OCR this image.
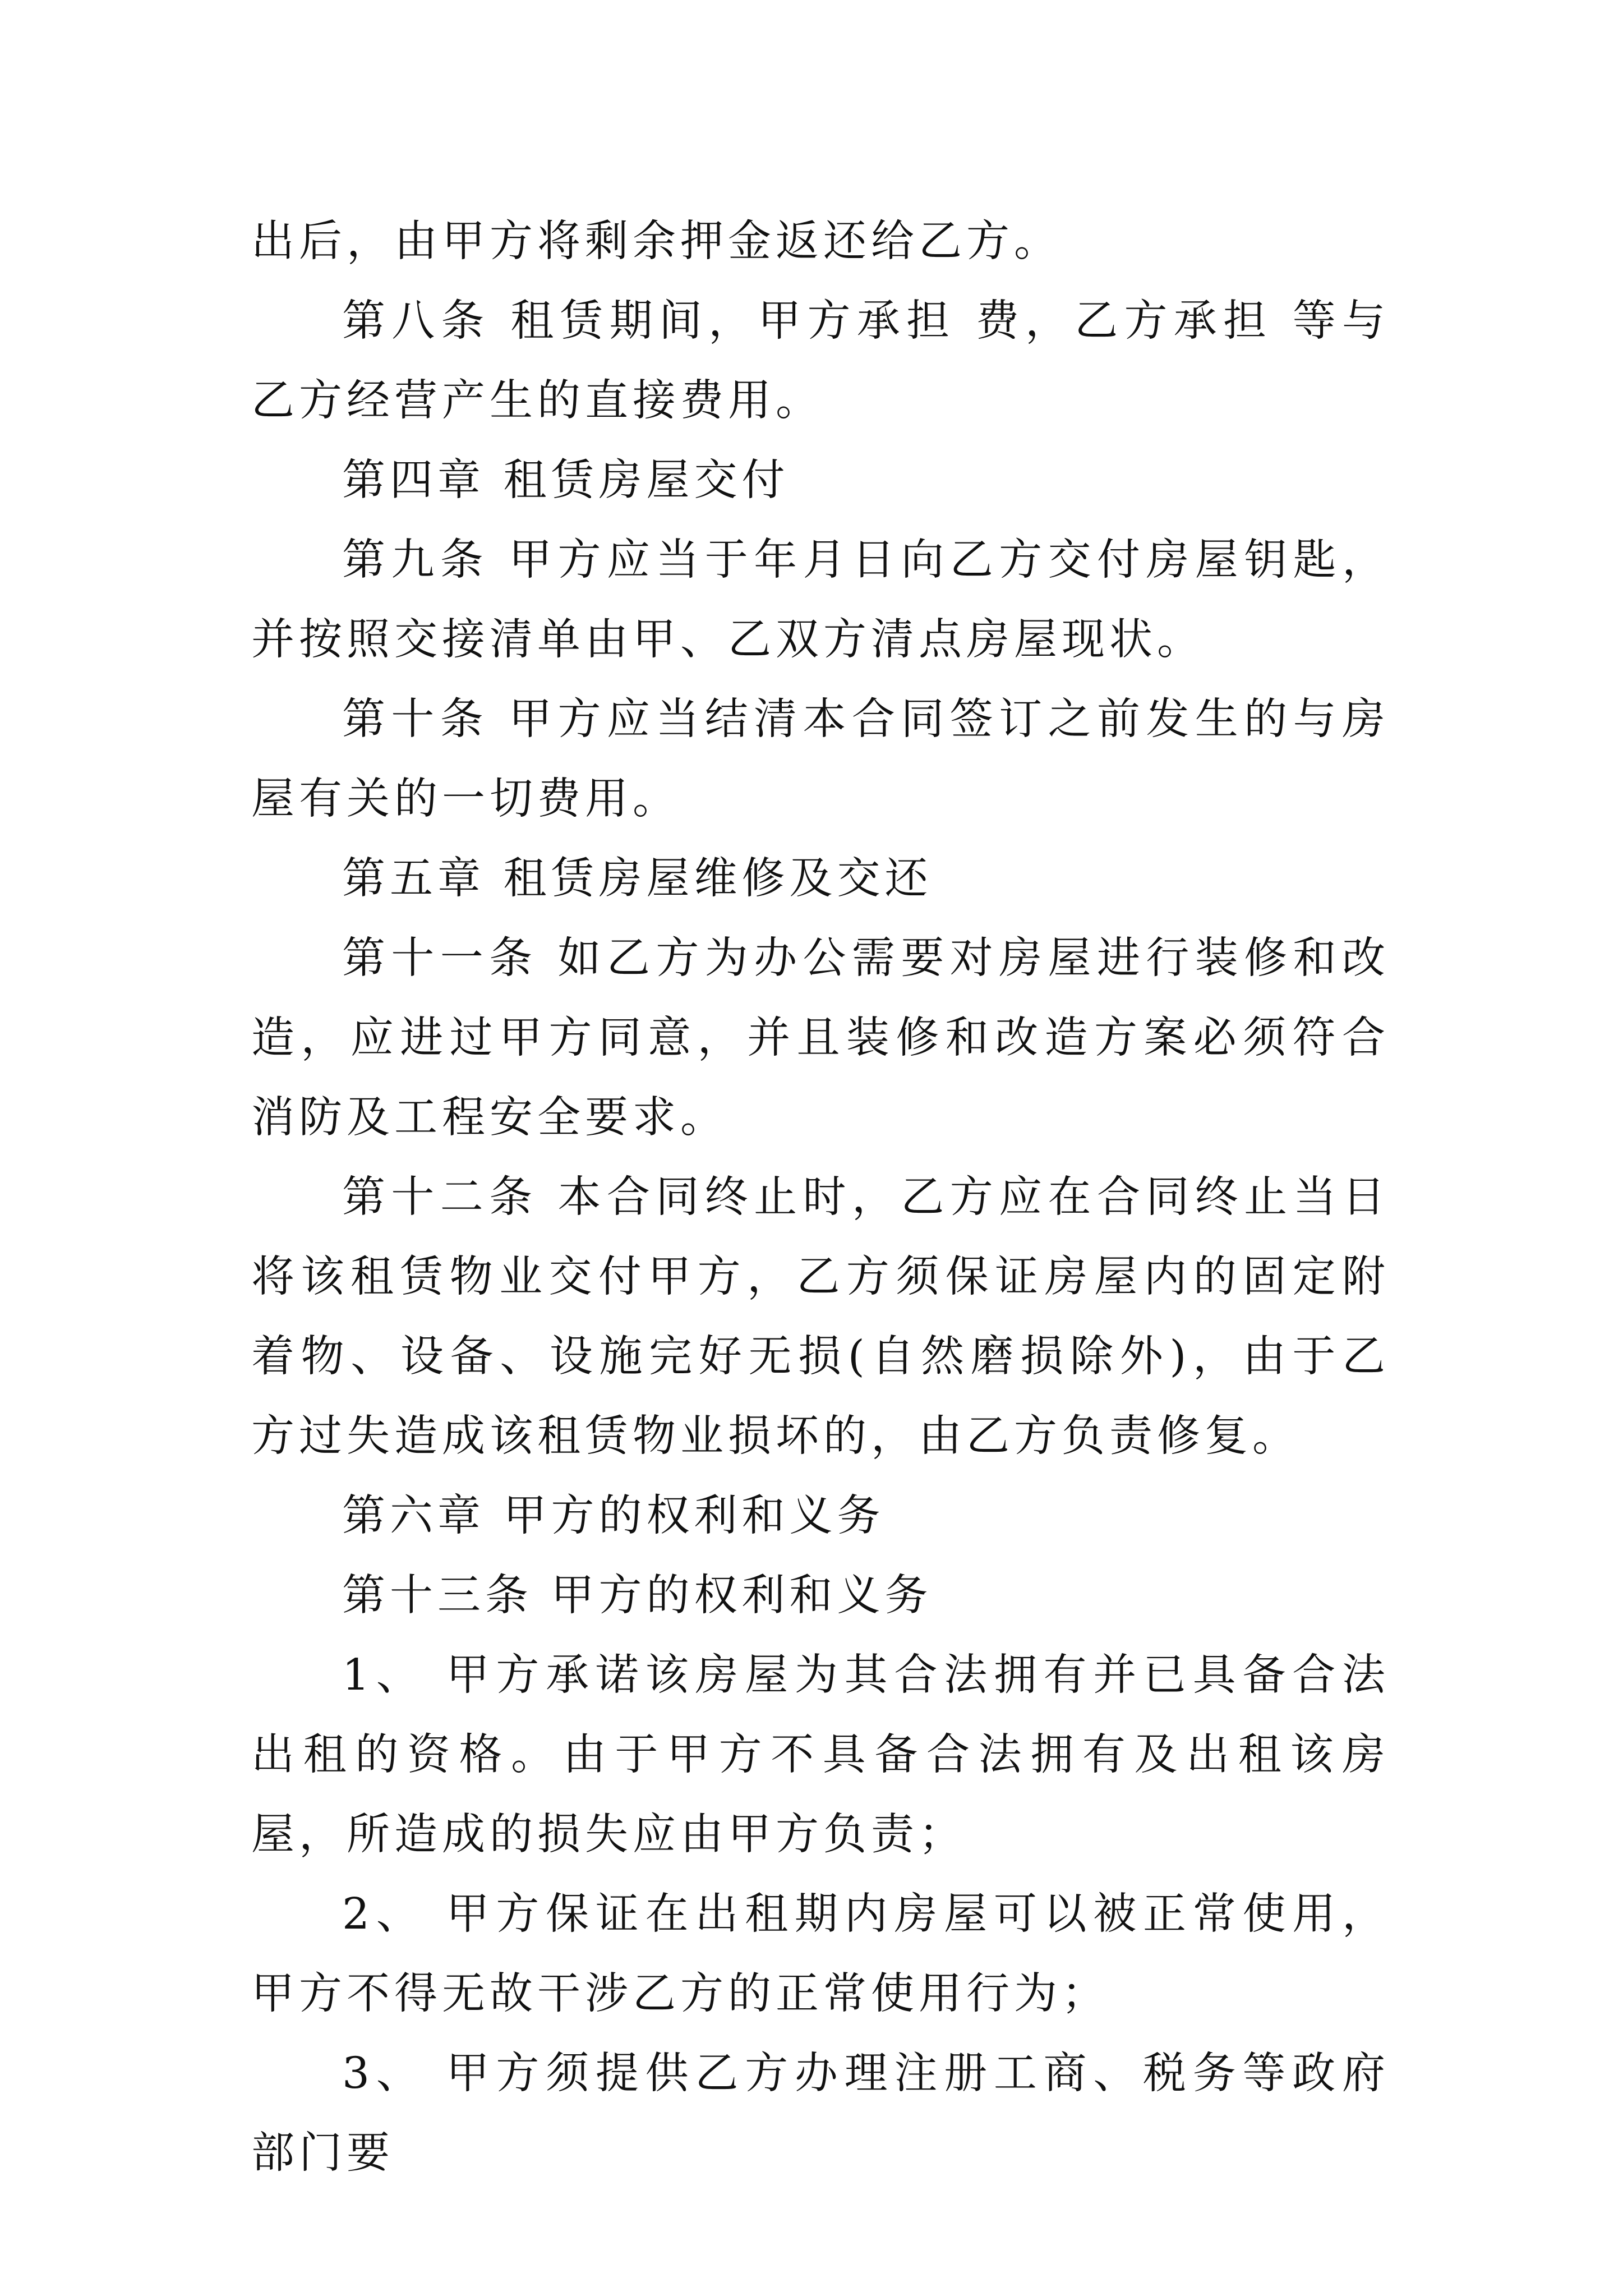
出后，由甲方将剩余押金返还给乙方。

第八条 租赁期间，甲方承担 费，乙方承担 等与乙方经营产生的直接费用。

第四章 租赁房屋交付

第九条 甲方应当于年月日向乙方交付房屋钥匙，并按照交接清单由甲、乙双方清点房屋现状。

第十条 甲方应当结清本合同签订之前发生的与房屋有关的一切费用。

第五章 租赁房屋维修及交还

第十一条 如乙方为办公需要对房屋进行装修和改造，应进过甲方同意，并且装修和改造方案必须符合消防及工程安全要求。

第十二条 本合同终止时，乙方应在合同终止当日将该租赁物业交付甲方，乙方须保证房屋内的固定附着物、设备、设施完好无损(自然磨损除外)，由于乙方过失造成该租赁物业损坏的，由乙方负责修复。

第六章 甲方的权利和义务

第十三条 甲方的权利和义务

1、 甲方承诺该房屋为其合法拥有并已具备合法出租的资格。由于甲方不具备合法拥有及出租该房屋，所造成的损失应由甲方负责；

2、 甲方保证在出租期内房屋可以被正常使用，甲方不得无故干涉乙方的正常使用行为；

3、 甲方须提供乙方办理注册工商、税务等政府部门要
